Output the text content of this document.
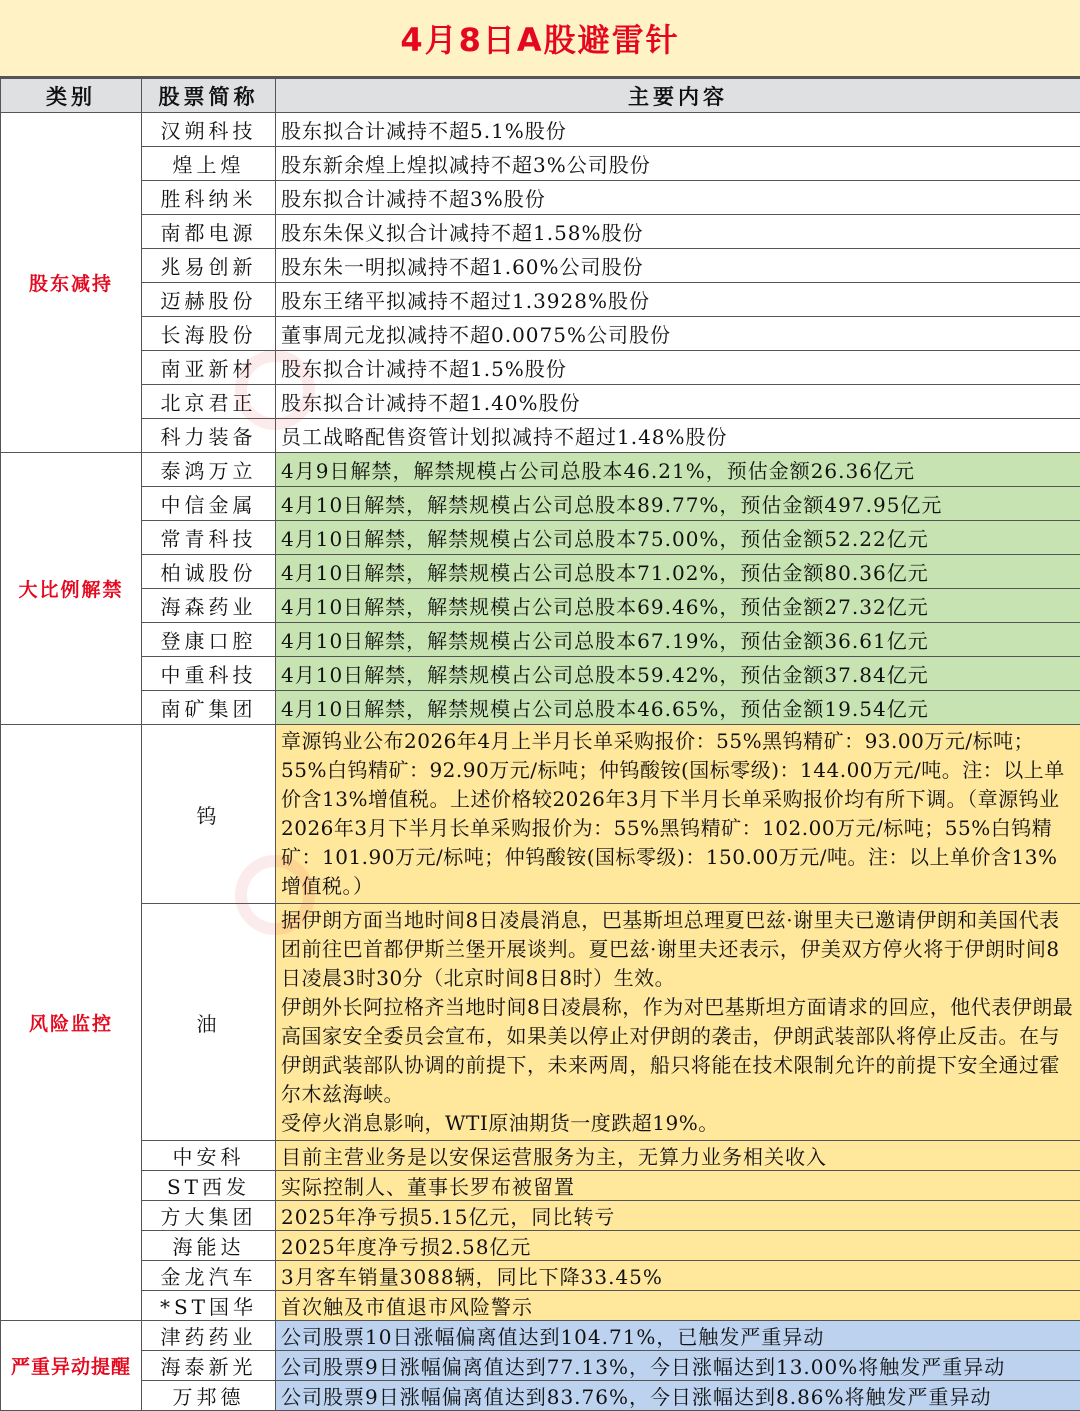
4月8日A股避雷针
类别	股票简称	主要内容
股东减持	汉朔科技	股东拟合计减持不超5.1%股份
	煌上煌	股东新余煌上煌拟减持不超3%公司股份
	胜科纳米	股东拟合计减持不超3%股份
	南都电源	股东朱保义拟合计减持不超1.58%股份
	兆易创新	股东朱一明拟减持不超1.60%公司股份
	迈赫股份	股东王绪平拟减持不超过1.3928%股份
	长海股份	董事周元龙拟减持不超0.0075%公司股份
	南亚新材	股东拟合计减持不超1.5%股份
	北京君正	股东拟合计减持不超1.40%股份
	科力装备	员工战略配售资管计划拟减持不超过1.48%股份
大比例解禁	泰鸿万立	4月9日解禁，解禁规模占公司总股本46.21%，预估金额26.36亿元
	中信金属	4月10日解禁，解禁规模占公司总股本89.77%，预估金额497.95亿元
	常青科技	4月10日解禁，解禁规模占公司总股本75.00%，预估金额52.22亿元
	柏诚股份	4月10日解禁，解禁规模占公司总股本71.02%，预估金额80.36亿元
	海森药业	4月10日解禁，解禁规模占公司总股本69.46%，预估金额27.32亿元
	登康口腔	4月10日解禁，解禁规模占公司总股本67.19%，预估金额36.61亿元
	中重科技	4月10日解禁，解禁规模占公司总股本59.42%，预估金额37.84亿元
	南矿集团	4月10日解禁，解禁规模占公司总股本46.65%，预估金额19.54亿元
风险监控	钨	章源钨业公布2026年4月上半月长单采购报价：55%黑钨精矿：93.00万元/标吨；55%白钨精矿：92.90万元/标吨；仲钨酸铵(国标零级)：144.00万元/吨。注：以上单价含13%增值税。上述价格较2026年3月下半月长单采购报价均有所下调。（章源钨业2026年3月下半月长单采购报价为：55%黑钨精矿：102.00万元/标吨；55%白钨精矿：101.90万元/标吨；仲钨酸铵(国标零级)：150.00万元/吨。注：以上单价含13%增值税。）
	油	据伊朗方面当地时间8日凌晨消息，巴基斯坦总理夏巴兹·谢里夫已邀请伊朗和美国代表团前往巴首都伊斯兰堡开展谈判。夏巴兹·谢里夫还表示，伊美双方停火将于伊朗时间8日凌晨3时30分（北京时间8日8时）生效。

伊朗外长阿拉格齐当地时间8日凌晨称，作为对巴基斯坦方面请求的回应，他代表伊朗最高国家安全委员会宣布，如果美以停止对伊朗的袭击，伊朗武装部队将停止反击。在与伊朗武装部队协调的前提下，未来两周，船只将能在技术限制允许的前提下安全通过霍尔木兹海峡。

受停火消息影响，WTI原油期货一度跌超19%。

	中安科	目前主营业务是以安保运营服务为主，无算力业务相关收入
	ST西发	实际控制人、董事长罗布被留置
	方大集团	2025年净亏损5.15亿元，同比转亏
	海能达	2025年度净亏损2.58亿元
	金龙汽车	3月客车销量3088辆，同比下降33.45%
	*ST国华	首次触及市值退市风险警示
严重异动提醒	津药药业	公司股票10日涨幅偏离值达到104.71%，已触发严重异动
	海泰新光	公司股票9日涨幅偏离值达到77.13%，今日涨幅达到13.00%将触发严重异动
	万邦德	公司股票9日涨幅偏离值达到83.76%，今日涨幅达到8.86%将触发严重异动
